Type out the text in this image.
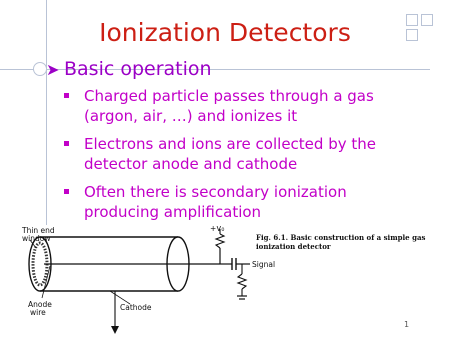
Ionization Detectors
➤ Basic operation
Charged particle passes through a gas (argon, air, …) and ionizes it
Electrons and ions are collected by the detector anode and cathode
Often there is secondary ionization producing amplification
Thin end
window
Anode
wire
Cathode
+V₀
Signal
Fig. 6.1. Basic construction of a simple gas
ionization detector
1
